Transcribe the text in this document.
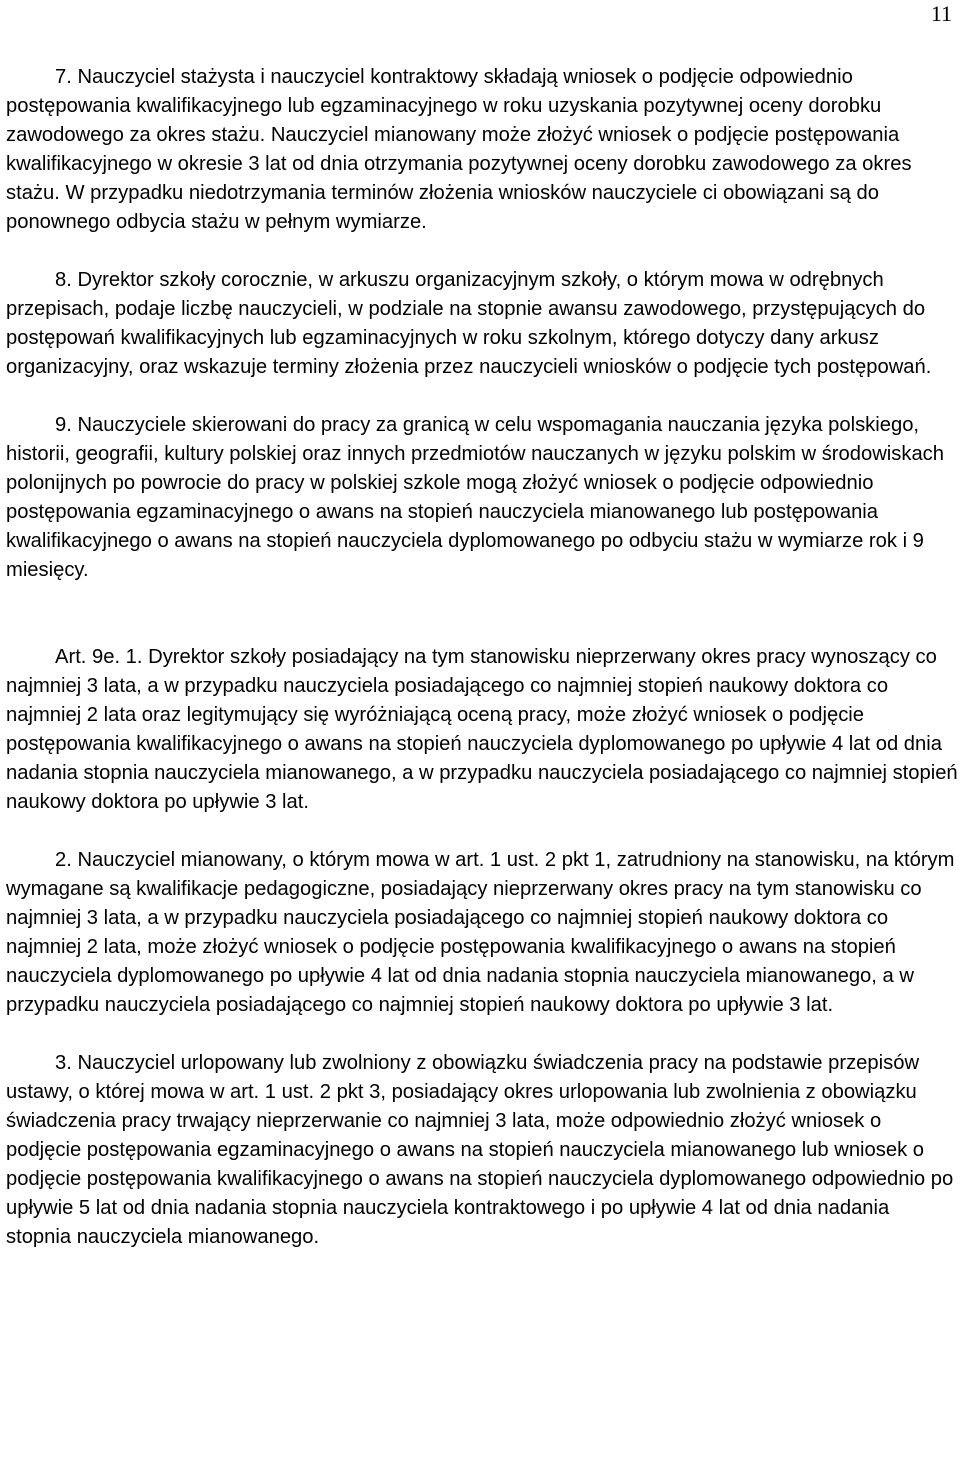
11

7. Nauczyciel stażysta i nauczyciel kontraktowy składają wniosek o podjęcie odpowiednio postępowania kwalifikacyjnego lub egzaminacyjnego w roku uzyskania pozytywnej oceny dorobku zawodowego za okres stażu. Nauczyciel mianowany może złożyć wniosek o podjęcie postępowania kwalifikacyjnego w okresie 3 lat od dnia otrzymania pozytywnej oceny dorobku zawodowego za okres stażu. W przypadku niedotrzymania terminów złożenia wniosków nauczyciele ci obowiązani są do ponownego odbycia stażu w pełnym wymiarze.

8. Dyrektor szkoły corocznie, w arkuszu organizacyjnym szkoły, o którym mowa w odrębnych przepisach, podaje liczbę nauczycieli, w podziale na stopnie awansu zawodowego, przystępujących do postępowań kwalifikacyjnych lub egzaminacyjnych w roku szkolnym, którego dotyczy dany arkusz organizacyjny, oraz wskazuje terminy złożenia przez nauczycieli wniosków o podjęcie tych postępowań.

9. Nauczyciele skierowani do pracy za granicą w celu wspomagania nauczania języka polskiego, historii, geografii, kultury polskiej oraz innych przedmiotów nauczanych w języku polskim w środowiskach polonijnych po powrocie do pracy w polskiej szkole mogą złożyć wniosek o podjęcie odpowiednio postępowania egzaminacyjnego o awans na stopień nauczyciela mianowanego lub postępowania kwalifikacyjnego o awans na stopień nauczyciela dyplomowanego po odbyciu stażu w wymiarze rok i 9 miesięcy.

Art. 9e. 1. Dyrektor szkoły posiadający na tym stanowisku nieprzerwany okres pracy wynoszący co najmniej 3 lata, a w przypadku nauczyciela posiadającego co najmniej stopień naukowy doktora co najmniej 2 lata oraz legitymujący się wyróżniającą oceną pracy, może złożyć wniosek o podjęcie postępowania kwalifikacyjnego o awans na stopień nauczyciela dyplomowanego po upływie 4 lat od dnia nadania stopnia nauczyciela mianowanego, a w przypadku nauczyciela posiadającego co najmniej stopień naukowy doktora po upływie 3 lat.

2. Nauczyciel mianowany, o którym mowa w art. 1 ust. 2 pkt 1, zatrudniony na stanowisku, na którym wymagane są kwalifikacje pedagogiczne, posiadający nieprzerwany okres pracy na tym stanowisku co najmniej 3 lata, a w przypadku nauczyciela posiadającego co najmniej stopień naukowy doktora co najmniej 2 lata, może złożyć wniosek o podjęcie postępowania kwalifikacyjnego o awans na stopień nauczyciela dyplomowanego po upływie 4 lat od dnia nadania stopnia nauczyciela mianowanego, a w przypadku nauczyciela posiadającego co najmniej stopień naukowy doktora po upływie 3 lat.

3. Nauczyciel urlopowany lub zwolniony z obowiązku świadczenia pracy na podstawie przepisów ustawy, o której mowa w art. 1 ust. 2 pkt 3, posiadający okres urlopowania lub zwolnienia z obowiązku świadczenia pracy trwający nieprzerwanie co najmniej 3 lata, może odpowiednio złożyć wniosek o podjęcie postępowania egzaminacyjnego o awans na stopień nauczyciela mianowanego lub wniosek o podjęcie postępowania kwalifikacyjnego o awans na stopień nauczyciela dyplomowanego odpowiednio po upływie 5 lat od dnia nadania stopnia nauczyciela kontraktowego i po upływie 4 lat od dnia nadania stopnia nauczyciela mianowanego.
